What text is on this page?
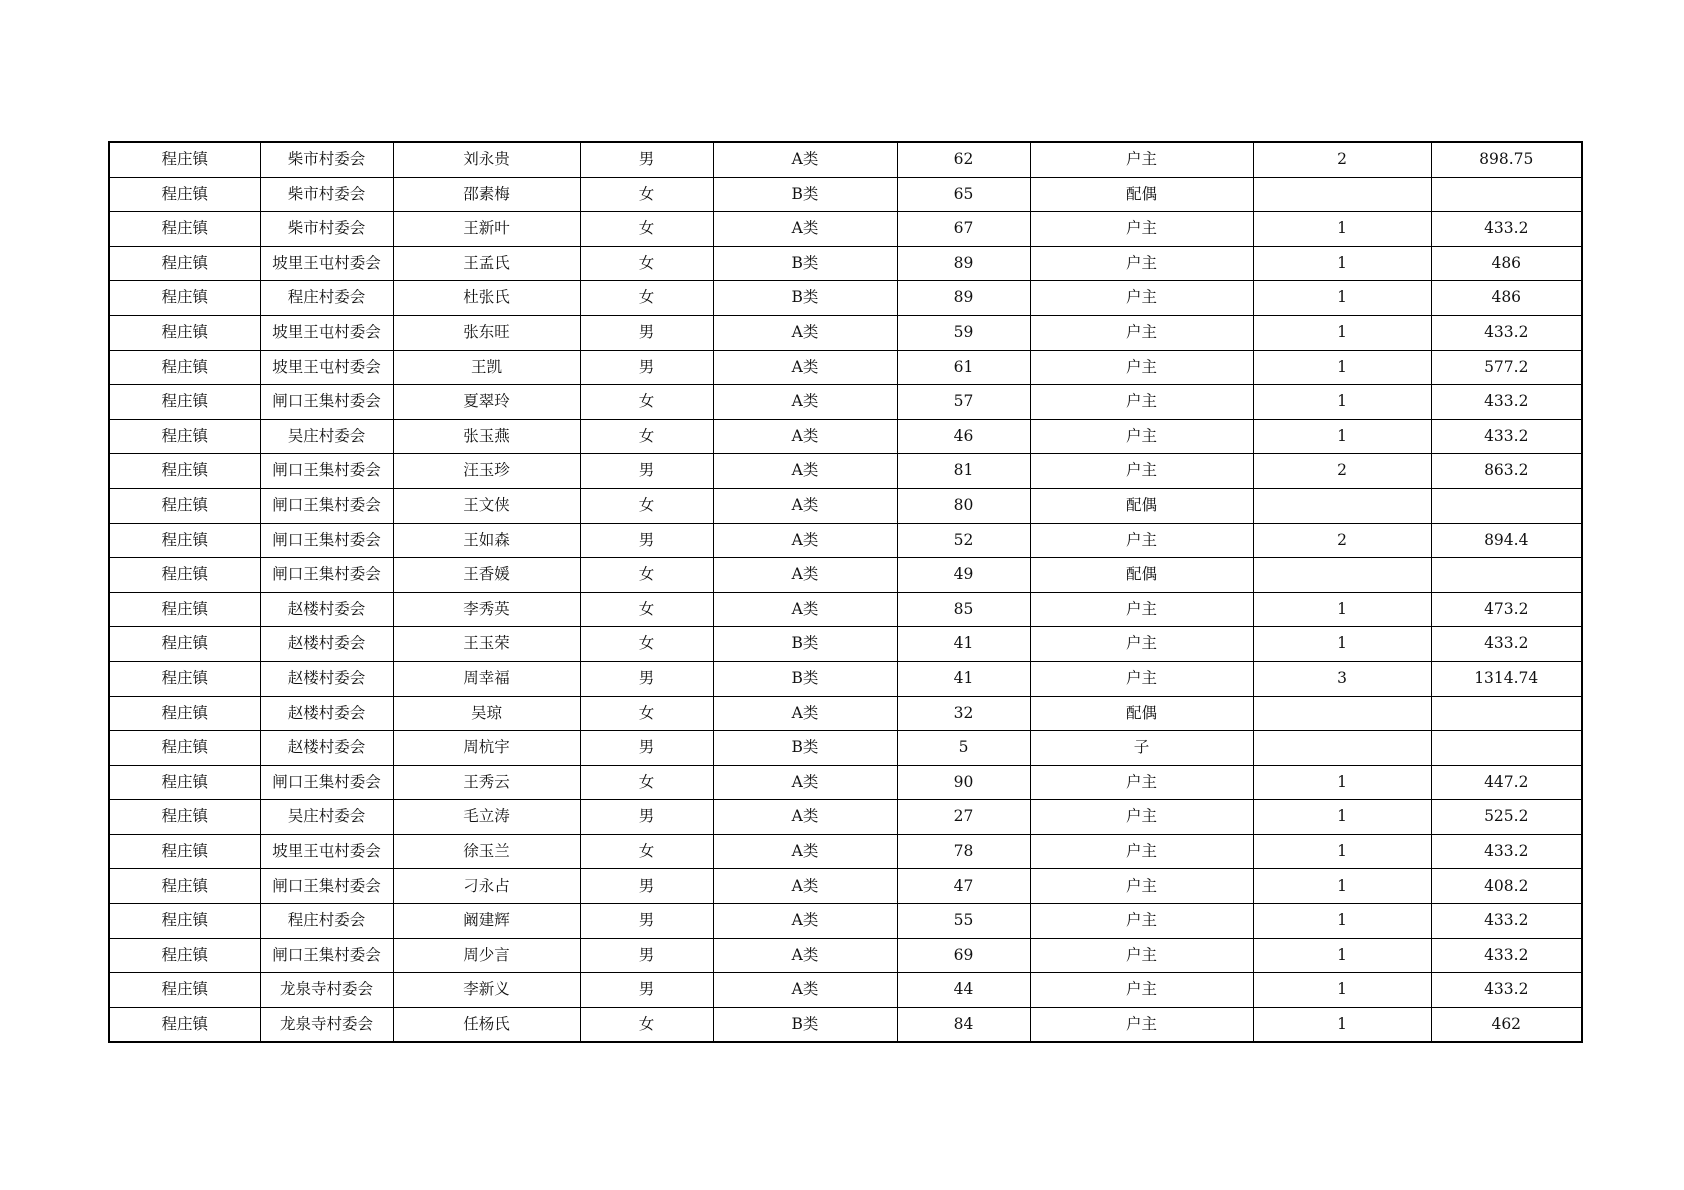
程庄镇	柴市村委会	刘永贵	男	A类	62	户主	2	898.75
程庄镇	柴市村委会	邵素梅	女	B类	65	配偶		
程庄镇	柴市村委会	王新叶	女	A类	67	户主	1	433.2
程庄镇	坡里王屯村委会	王孟氏	女	B类	89	户主	1	486
程庄镇	程庄村委会	杜张氏	女	B类	89	户主	1	486
程庄镇	坡里王屯村委会	张东旺	男	A类	59	户主	1	433.2
程庄镇	坡里王屯村委会	王凯	男	A类	61	户主	1	577.2
程庄镇	闸口王集村委会	夏翠玲	女	A类	57	户主	1	433.2
程庄镇	吴庄村委会	张玉燕	女	A类	46	户主	1	433.2
程庄镇	闸口王集村委会	汪玉珍	男	A类	81	户主	2	863.2
程庄镇	闸口王集村委会	王文侠	女	A类	80	配偶		
程庄镇	闸口王集村委会	王如森	男	A类	52	户主	2	894.4
程庄镇	闸口王集村委会	王香媛	女	A类	49	配偶		
程庄镇	赵楼村委会	李秀英	女	A类	85	户主	1	473.2
程庄镇	赵楼村委会	王玉荣	女	B类	41	户主	1	433.2
程庄镇	赵楼村委会	周幸福	男	B类	41	户主	3	1314.74
程庄镇	赵楼村委会	吴琼	女	A类	32	配偶		
程庄镇	赵楼村委会	周杭宇	男	B类	5	子		
程庄镇	闸口王集村委会	王秀云	女	A类	90	户主	1	447.2
程庄镇	吴庄村委会	毛立涛	男	A类	27	户主	1	525.2
程庄镇	坡里王屯村委会	徐玉兰	女	A类	78	户主	1	433.2
程庄镇	闸口王集村委会	刁永占	男	A类	47	户主	1	408.2
程庄镇	程庄村委会	阚建辉	男	A类	55	户主	1	433.2
程庄镇	闸口王集村委会	周少言	男	A类	69	户主	1	433.2
程庄镇	龙泉寺村委会	李新义	男	A类	44	户主	1	433.2
程庄镇	龙泉寺村委会	任杨氏	女	B类	84	户主	1	462
